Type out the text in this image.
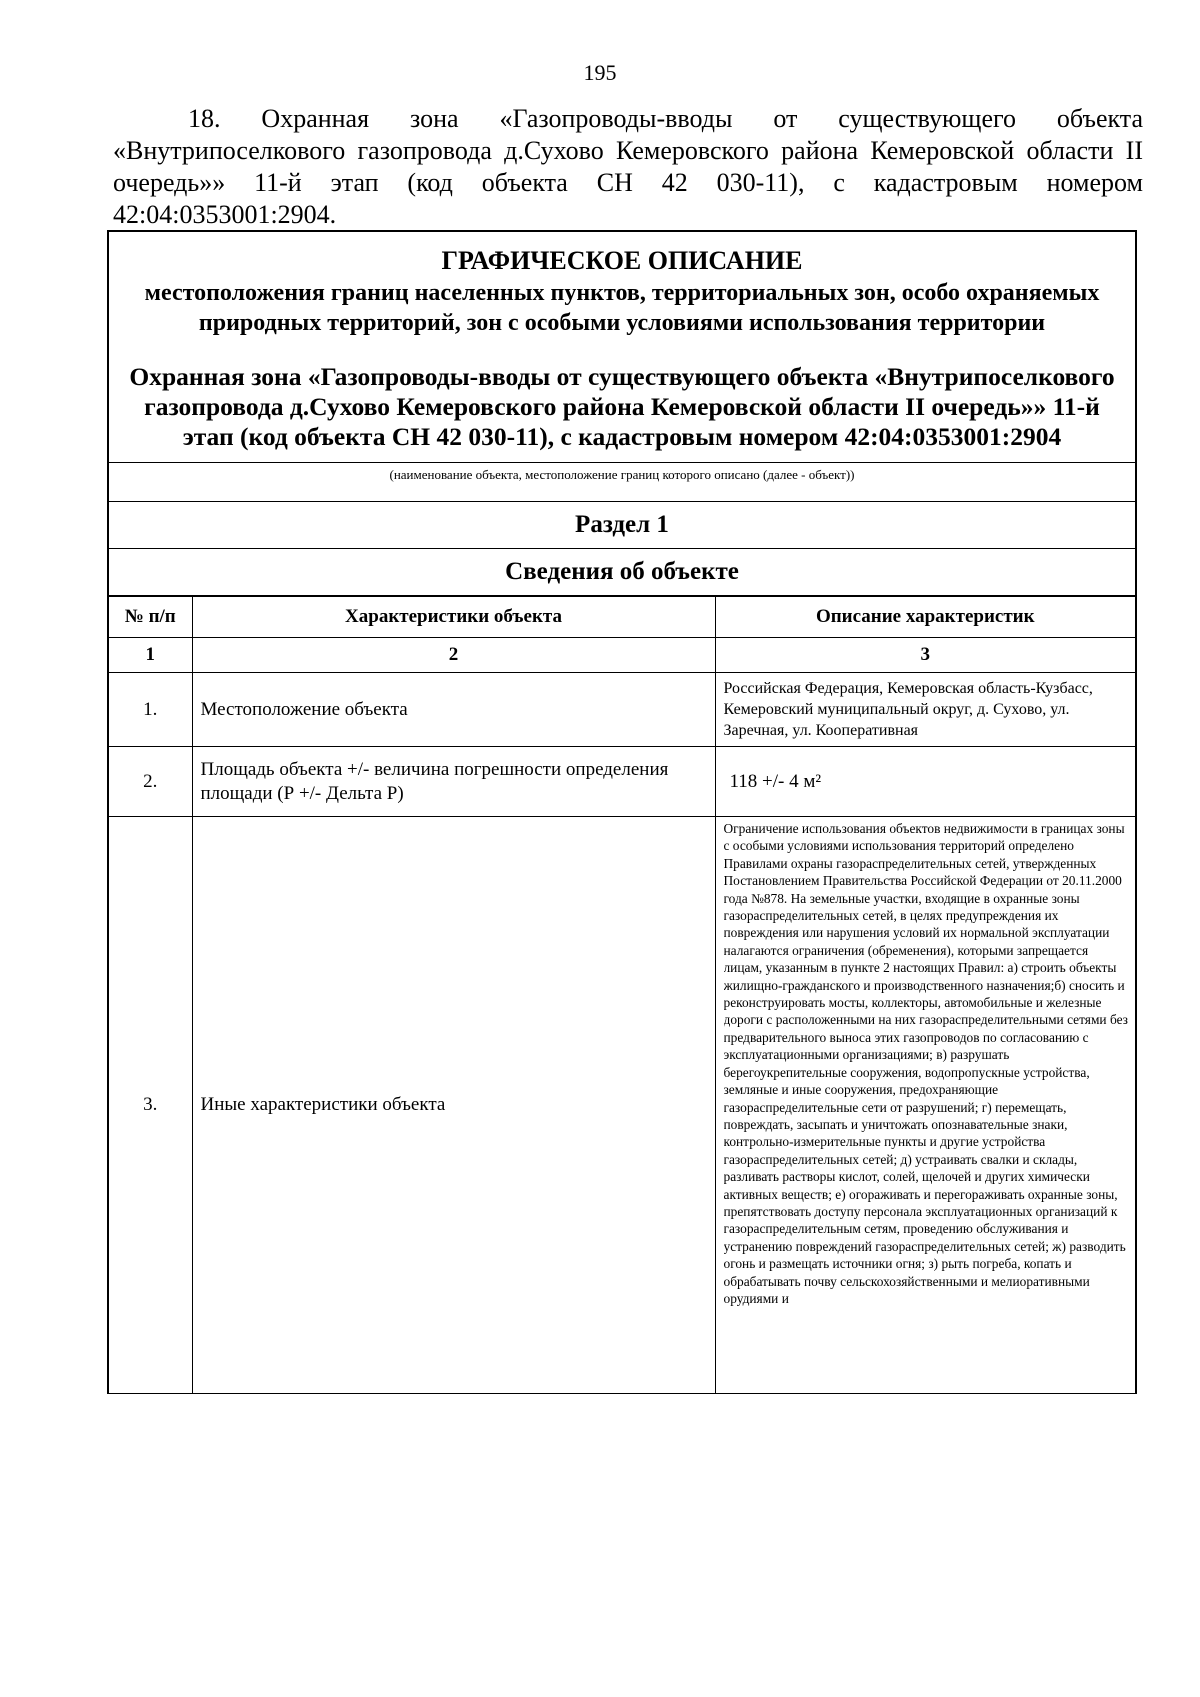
195
18. Охранная зона «Газопроводы-вводы от существующего объекта «Внутрипоселкового газопровода д.Сухово Кемеровского района Кемеровской области II очередь»» 11-й этап (код объекта СН 42 030-11), с кадастровым номером 42:04:0353001:2904.
ГРАФИЧЕСКОЕ ОПИСАНИЕ
местоположения границ населенных пунктов, территориальных зон, особо охраняемых природных территорий, зон с особыми условиями использования территории
Охранная зона «Газопроводы-вводы от существующего объекта «Внутрипоселкового газопровода д.Сухово Кемеровского района Кемеровской области II очередь»» 11-й этап (код объекта СН 42 030-11), с кадастровым номером 42:04:0353001:2904
(наименование объекта, местоположение границ которого описано (далее - объект))
Раздел 1
Сведения об объекте
№ п/п	Характеристики объекта	Описание характеристик
1	2	3
1.	Местоположение объекта	Российская Федерация, Кемеровская область-Кузбасс, Кемеровский муниципальный округ, д. Сухово, ул. Заречная, ул. Кооперативная
2.	Площадь объекта +/- величина погрешности определения площади (Р +/- Дельта Р)	118 +/- 4 м²
3.	Иные характеристики объекта	Ограничение использования объектов недвижимости в границах зоны с особыми условиями использования территорий определено Правилами охраны газораспределительных сетей, утвержденных Постановлением Правительства Российской Федерации от 20.11.2000 года №878. На земельные участки, входящие в охранные зоны газораспределительных сетей, в целях предупреждения их повреждения или нарушения условий их нормальной эксплуатации налагаются ограничения (обременения), которыми запрещается лицам, указанным в пункте 2 настоящих Правил: а) строить объекты жилищно-гражданского и производственного назначения;б) сносить и реконструировать мосты, коллекторы, автомобильные и железные дороги с расположенными на них газораспределительными сетями без предварительного выноса этих газопроводов по согласованию с эксплуатационными организациями; в) разрушать берегоукрепительные сооружения, водопропускные устройства, земляные и иные сооружения, предохраняющие газораспределительные сети от разрушений; г) перемещать, повреждать, засыпать и уничтожать опознавательные знаки, контрольно-измерительные пункты и другие устройства газораспределительных сетей; д) устраивать свалки и склады, разливать растворы кислот, солей, щелочей и других химически активных веществ; е) огораживать и перегораживать охранные зоны, препятствовать доступу персонала эксплуатационных организаций к газораспределительным сетям, проведению обслуживания и устранению повреждений газораспределительных сетей; ж) разводить огонь и размещать источники огня; з) рыть погреба, копать и обрабатывать почву сельскохозяйственными и мелиоративными орудиями и
